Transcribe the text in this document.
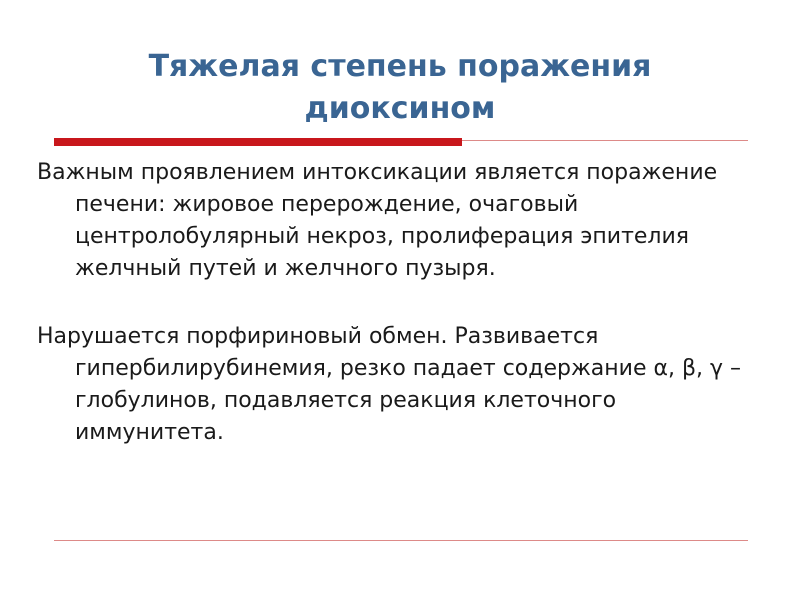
Тяжелая степень поражения
диоксином

Важным проявлением интоксикации является поражение печени: жировое перерождение, очаговый центролобулярный некроз, пролиферация эпителия желчный путей и желчного пузыря.

Нарушается порфириновый обмен. Развивается гипербилирубинемия, резко падает содержание α, β, γ – глобулинов, подавляется реакция клеточного иммунитета.
